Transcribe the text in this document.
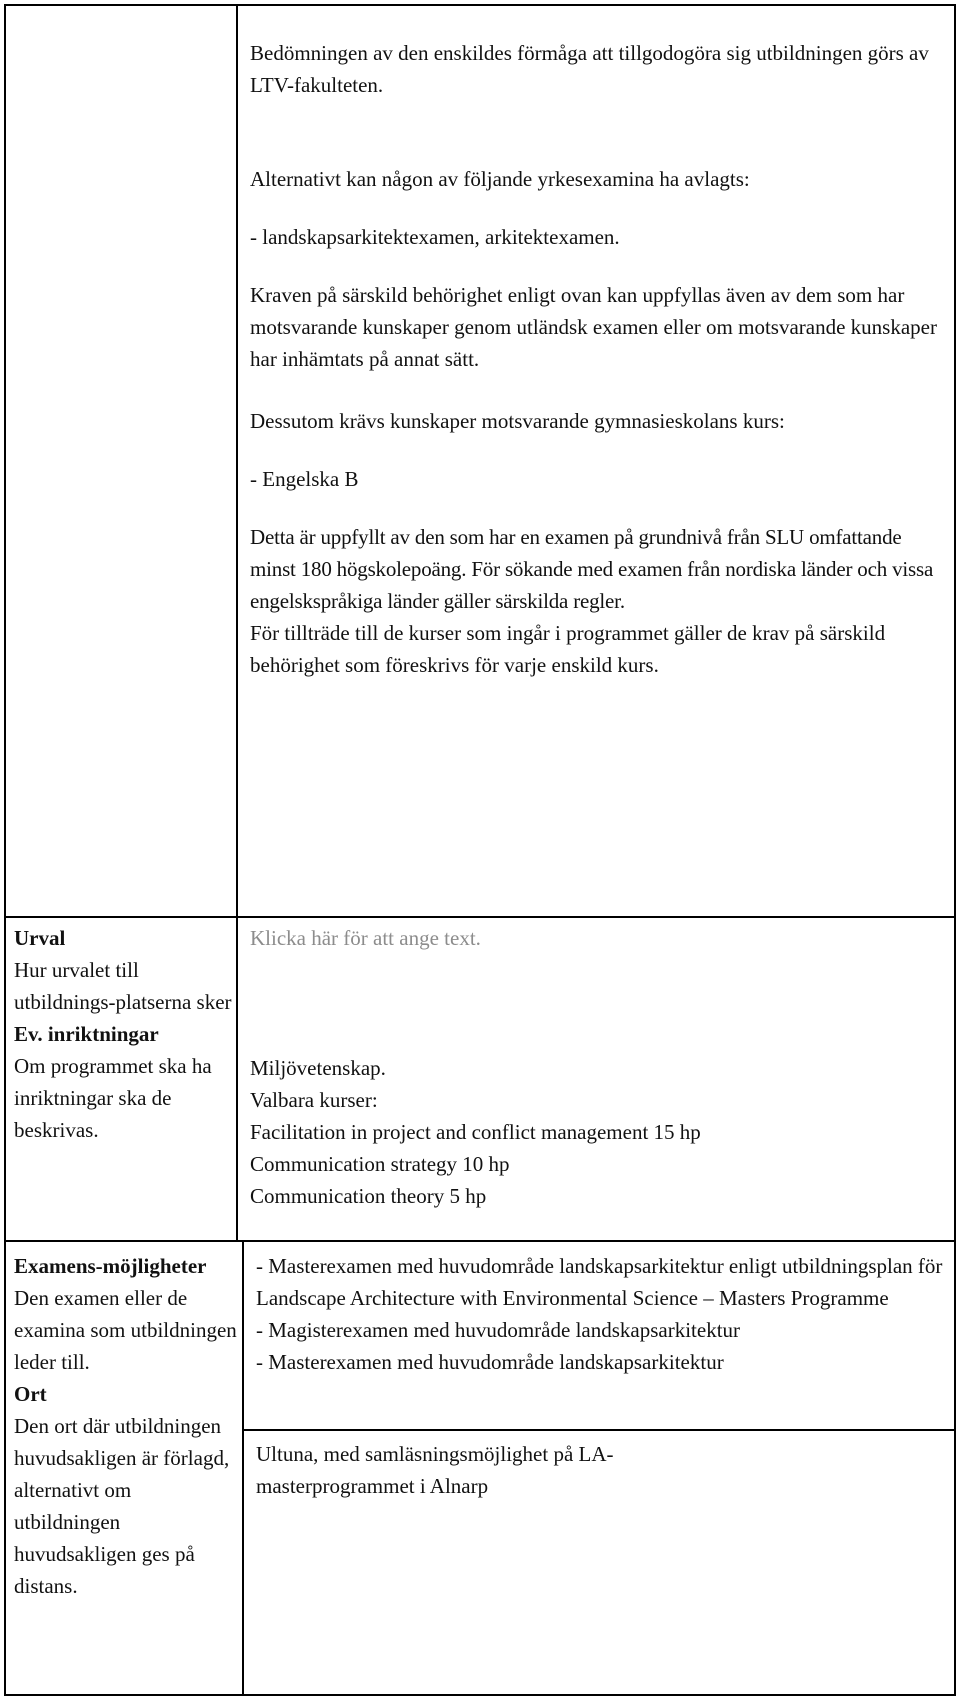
Bedömningen av den enskildes förmåga att tillgodogöra sig utbildningen görs av LTV-fakulteten.

Alternativt kan någon av följande yrkesexamina ha avlagts:

- landskapsarkitektexamen, arkitektexamen.

Kraven på särskild behörighet enligt ovan kan uppfyllas även av dem som har motsvarande kunskaper genom utländsk examen eller om motsvarande kunskaper har inhämtats på annat sätt.

Dessutom krävs kunskaper motsvarande gymnasieskolans kurs:

- Engelska B

Detta är uppfyllt av den som har en examen på grundnivå från SLU omfattande minst 180 högskolepoäng. För sökande med examen från nordiska länder och vissa engelskspråkiga länder gäller särskilda regler.

För tillträde till de kurser som ingår i programmet gäller de krav på särskild behörighet som föreskrivs för varje enskild kurs.

Urval

Hur urvalet till utbildnings-platserna sker

Ev. inriktningar

Om programmet ska ha inriktningar ska de beskrivas.

Klicka här för att ange text.

Miljövetenskap.

Valbara kurser:

Facilitation in project and conflict management 15 hp

Communication strategy 10 hp

Communication theory 5 hp

Examens-möjligheter

Den examen eller de examina som utbildningen leder till.

Ort

Den ort där utbildningen huvudsakligen är förlagd, alternativt om utbildningen huvudsakligen ges på distans.

- Masterexamen med huvudområde landskapsarkitektur enligt utbildningsplan för Landscape Architecture with Environmental Science – Masters Programme

- Magisterexamen med huvudområde landskapsarkitektur

- Masterexamen med huvudområde landskapsarkitektur

Ultuna, med samläsningsmöjlighet på LA-masterprogrammet i Alnarp
